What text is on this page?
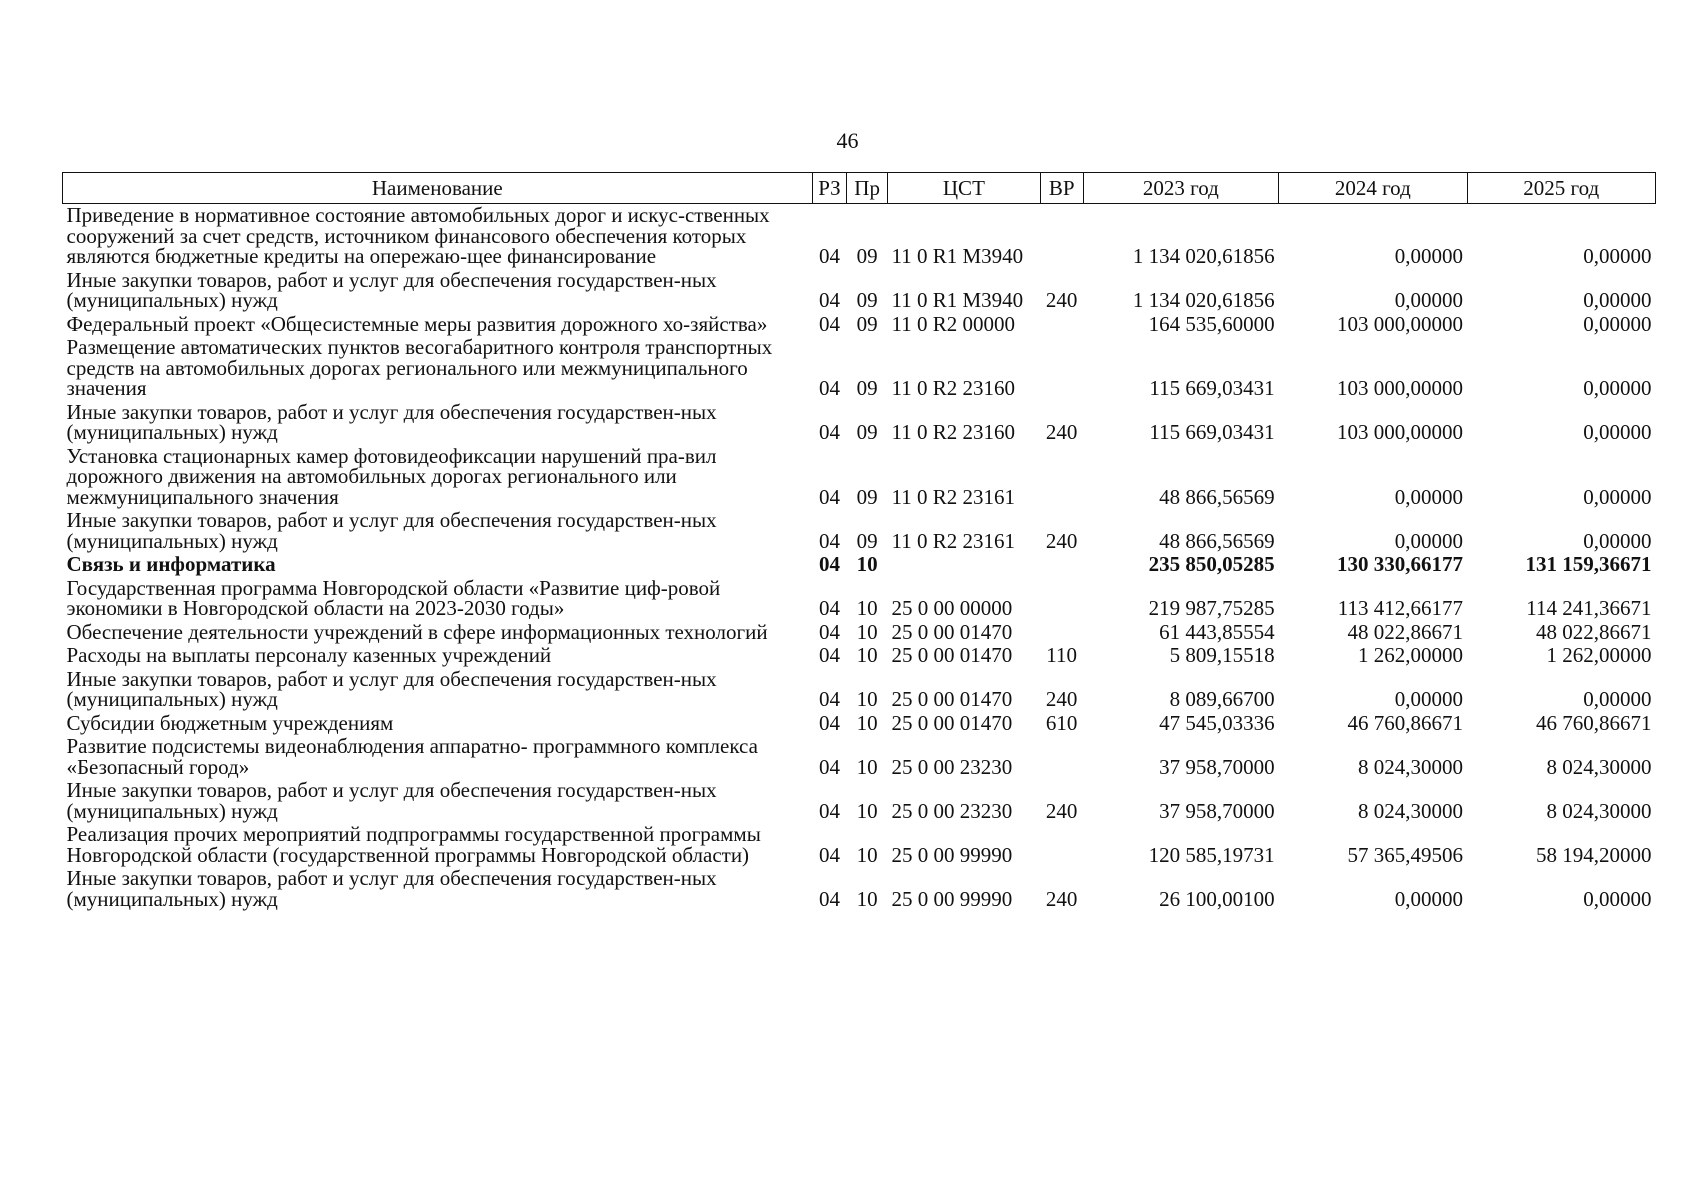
46
Наименование	РЗ	Пр	ЦСТ	ВР	2023 год	2024 год	2025 год
Приведение в нормативное состояние автомобильных дорог и искус-ственных сооружений за счет средств, источником финансового обеспечения которых являются бюджетные кредиты на опережаю-щее финансирование	04	09	11 0 R1 M3940		1 134 020,61856	0,00000	0,00000
Иные закупки товаров, работ и услуг для обеспечения государствен-ных (муниципальных) нужд	04	09	11 0 R1 M3940	240	1 134 020,61856	0,00000	0,00000
Федеральный проект «Общесистемные меры развития дорожного хо-зяйства»	04	09	11 0 R2 00000		164 535,60000	103 000,00000	0,00000
Размещение автоматических пунктов весогабаритного контроля транспортных средств на автомобильных дорогах регионального или межмуниципального значения	04	09	11 0 R2 23160		115 669,03431	103 000,00000	0,00000
Иные закупки товаров, работ и услуг для обеспечения государствен-ных (муниципальных) нужд	04	09	11 0 R2 23160	240	115 669,03431	103 000,00000	0,00000
Установка стационарных камер фотовидеофиксации нарушений пра-вил дорожного движения на автомобильных дорогах регионального или межмуниципального значения	04	09	11 0 R2 23161		48 866,56569	0,00000	0,00000
Иные закупки товаров, работ и услуг для обеспечения государствен-ных (муниципальных) нужд	04	09	11 0 R2 23161	240	48 866,56569	0,00000	0,00000
Связь и информатика	04	10			235 850,05285	130 330,66177	131 159,36671
Государственная программа Новгородской области «Развитие циф-ровой экономики в Новгородской области на 2023-2030 годы»	04	10	25 0 00 00000		219 987,75285	113 412,66177	114 241,36671
Обеспечение деятельности учреждений в сфере информационных технологий	04	10	25 0 00 01470		61 443,85554	48 022,86671	48 022,86671
Расходы на выплаты персоналу казенных учреждений	04	10	25 0 00 01470	110	5 809,15518	1 262,00000	1 262,00000
Иные закупки товаров, работ и услуг для обеспечения государствен-ных (муниципальных) нужд	04	10	25 0 00 01470	240	8 089,66700	0,00000	0,00000
Субсидии бюджетным учреждениям	04	10	25 0 00 01470	610	47 545,03336	46 760,86671	46 760,86671
Развитие подсистемы видеонаблюдения аппаратно- программного комплекса «Безопасный город»	04	10	25 0 00 23230		37 958,70000	8 024,30000	8 024,30000
Иные закупки товаров, работ и услуг для обеспечения государствен-ных (муниципальных) нужд	04	10	25 0 00 23230	240	37 958,70000	8 024,30000	8 024,30000
Реализация прочих мероприятий подпрограммы государственной программы Новгородской области (государственной программы Новгородской области)	04	10	25 0 00 99990		120 585,19731	57 365,49506	58 194,20000
Иные закупки товаров, работ и услуг для обеспечения государствен-ных (муниципальных) нужд	04	10	25 0 00 99990	240	26 100,00100	0,00000	0,00000
